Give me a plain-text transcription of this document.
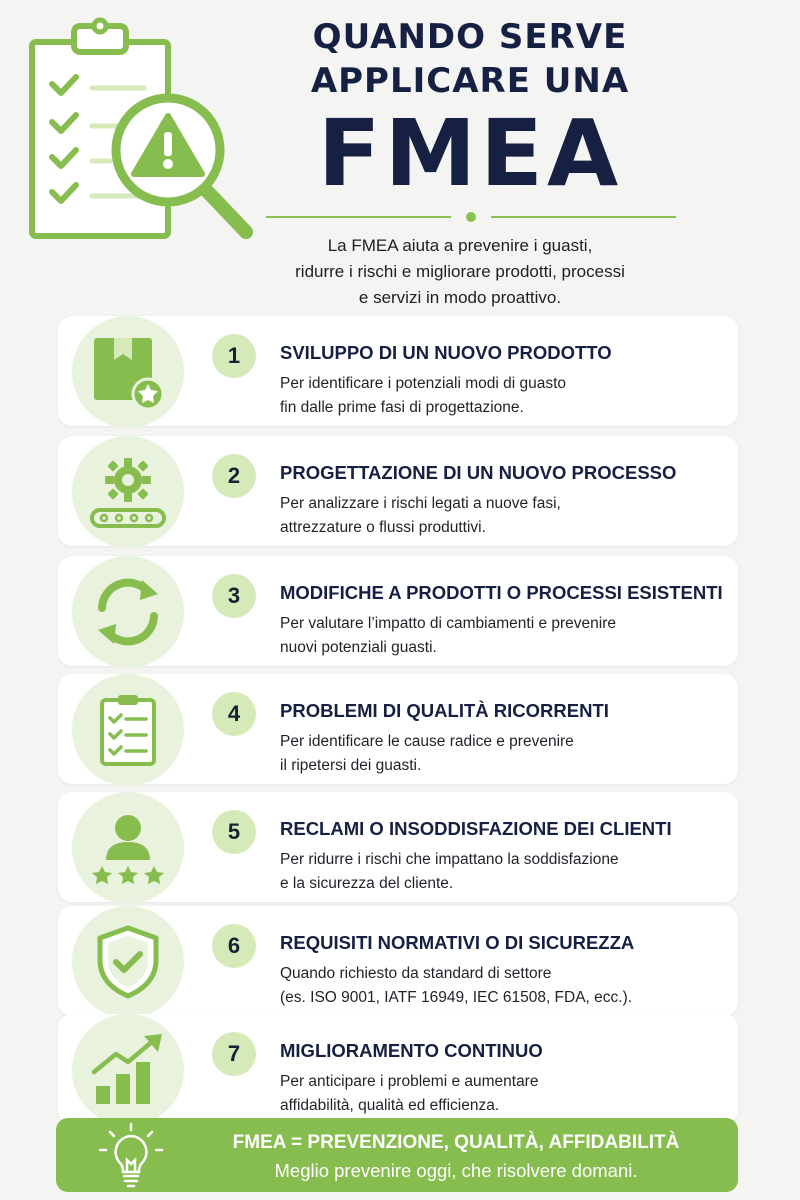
QUANDO SERVE
APPLICARE UNA
FMEA
La FMEA aiuta a prevenire i guasti,
ridurre i rischi e migliorare prodotti, processi
e servizi in modo proattivo.
1	SVILUPPO DI UN NUOVO PRODOTTO
Per identificare i potenziali modi di guasto
fin dalle prime fasi di progettazione.
2	PROGETTAZIONE DI UN NUOVO PROCESSO
Per analizzare i rischi legati a nuove fasi,
attrezzature o flussi produttivi.
3	MODIFICHE A PRODOTTI O PROCESSI ESISTENTI
Per valutare l’impatto di cambiamenti e prevenire
nuovi potenziali guasti.
4	PROBLEMI DI QUALITÀ RICORRENTI
Per identificare le cause radice e prevenire
il ripetersi dei guasti.
5	RECLAMI O INSODDISFAZIONE DEI CLIENTI
Per ridurre i rischi che impattano la soddisfazione
e la sicurezza del cliente.
6	REQUISITI NORMATIVI O DI SICUREZZA
Quando richiesto da standard di settore
(es. ISO 9001, IATF 16949, IEC 61508, FDA, ecc.).
7	MIGLIORAMENTO CONTINUO
Per anticipare i problemi e aumentare
affidabilità, qualità ed efficienza.
FMEA = PREVENZIONE, QUALITÀ, AFFIDABILITÀ
Meglio prevenire oggi, che risolvere domani.
